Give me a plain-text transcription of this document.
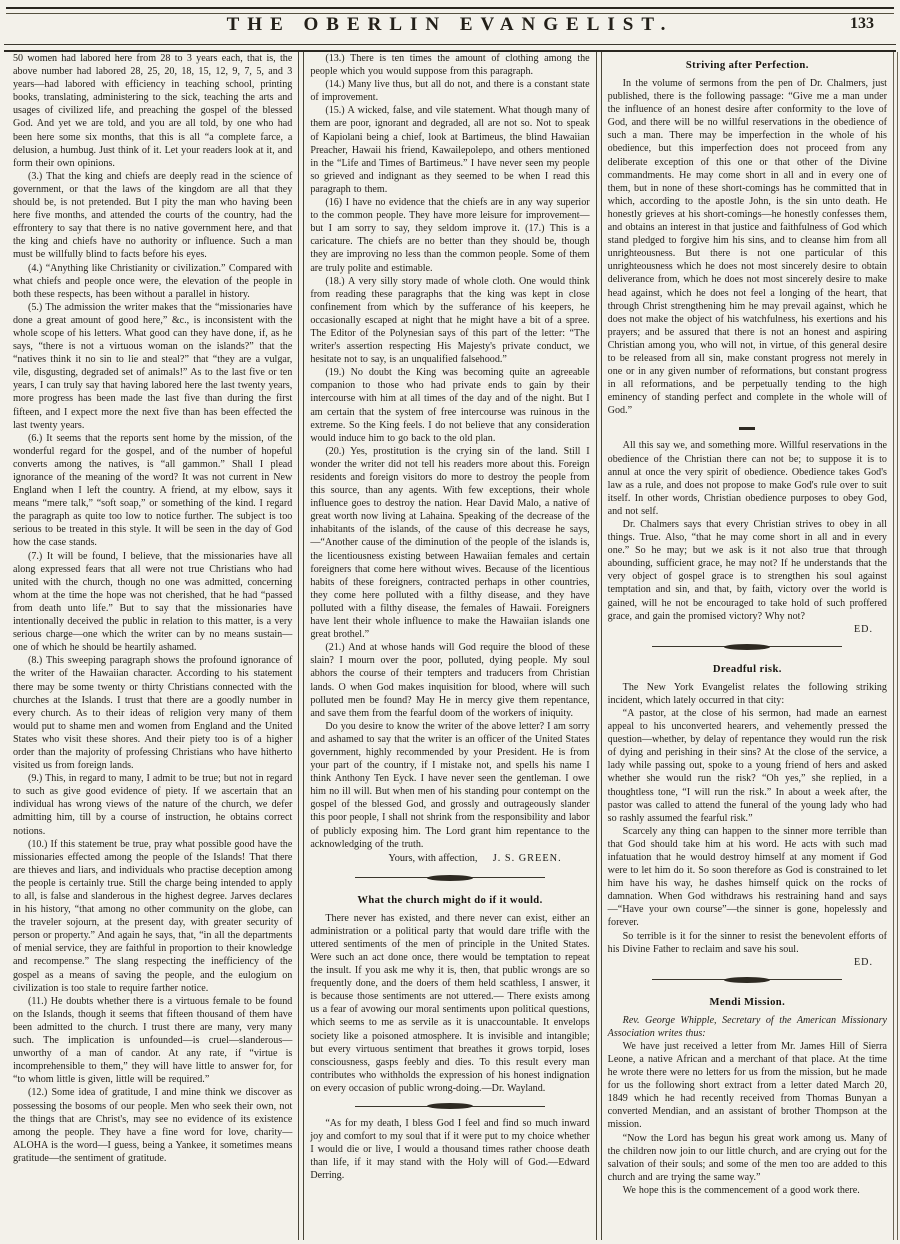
THE OBERLIN EVANGELIST.	133

50 women had labored here from 28 to 3 years each, that is, the above number had labored 28, 25, 20, 18, 15, 12, 9, 7, 5, and 3 years—had labored with efficiency in teaching school, printing books, translating, administering to the sick, teaching the arts and usages of civilized life, and preaching the gospel of the blessed God. And yet we are told, and you are all told, by one who had been here some six months, that this is all “a complete farce, a delusion, a humbug. Just think of it. Let your readers look at it, and form their own opinions.

(3.) That the king and chiefs are deeply read in the science of government, or that the laws of the kingdom are all that they should be, is not pretended. But I pity the man who having been here five months, and attended the courts of the country, had the effrontery to say that there is no native government here, and that the king and chiefs have no authority or influence. Such a man must be willfully blind to facts before his eyes.

(4.) “Anything like Christianity or civilization.” Compared with what chiefs and people once were, the elevation of the people in both these respects, has been without a parallel in history.

(5.) The admission the writer makes that the “missionaries have done a great amount of good here,” &c., is inconsistent with the whole scope of his letters. What good can they have done, if, as he says, “there is not a virtuous woman on the islands?” that the “natives think it no sin to lie and steal?” that “they are a vulgar, vile, disgusting, degraded set of animals!” As to the last five or ten years, I can truly say that having labored here the last twenty years, more progress has been made the last five than during the first fifteen, and I expect more the next five than has been effected the last twenty years.

(6.) It seems that the reports sent home by the mission, of the wonderful regard for the gospel, and of the number of hopeful converts among the natives, is “all gammon.” Shall I plead ignorance of the meaning of the word? It was not current in New England when I left the country. A friend, at my elbow, says it means “mere talk,” “soft soap,” or something of the kind. I regard the paragraph as quite too low to notice further. The subject is too serious to be treated in this style. It will be seen in the day of God how the case stands.

(7.) It will be found, I believe, that the missionaries have all along expressed fears that all were not true Christians who had united with the church, though no one was admitted, concerning whom at the time the hope was not cherished, that he had “passed from death unto life.” But to say that the missionaries have intentionally deceived the public in relation to this matter, is a very serious charge—one which the writer can by no means sustain—one of which he should be heartily ashamed.

(8.) This sweeping paragraph shows the profound ignorance of the writer of the Hawaiian character. According to his statement there may be some twenty or thirty Christians connected with the churches at the Islands. I trust that there are a goodly number in every church. As to their ideas of religion very many of them would put to shame men and women from England and the United States who visit these shores. And their piety too is of a higher order than the majority of professing Christians who have hitherto visited us from foreign lands.

(9.) This, in regard to many, I admit to be true; but not in regard to such as give good evidence of piety. If we ascertain that an individual has wrong views of the nature of the church, we defer admitting him, till by a course of instruction, he obtains correct notions.

(10.) If this statement be true, pray what possible good have the missionaries effected among the people of the Islands! That there are thieves and liars, and individuals who practise deception among the people is certainly true. Still the charge being intended to apply to all, is false and slanderous in the highest degree. Jarves declares in his history, “that among no other community on the globe, can the traveler sojourn, at the present day, with greater security of person or property.” And again he says, that, “in all the departments of menial service, they are faithful in proportion to their knowledge and recompense.” The slang respecting the inefficiency of the gospel as a means of saving the people, and the eulogium on civilization is too stale to require farther notice.

(11.) He doubts whether there is a virtuous female to be found on the Islands, though it seems that fifteen thousand of them have been admitted to the church. I trust there are many, very many such. The implication is unfounded—is cruel—slanderous—unworthy of a man of candor. At any rate, if “virtue is incomprehensible to them,” they will have little to answer for, for “to whom little is given, little will be required.”

(12.) Some idea of gratitude, I and mine think we discover as possessing the bosoms of our people. Men who seek their own, not the things that are Christ's, may see no evidence of its existence among the people. They have a fine word for love, charity—ALOHA is the word—I guess, being a Yankee, it sometimes means gratitude—the sentiment of gratitude.

(13.) There is ten times the amount of clothing among the people which you would suppose from this paragraph.

(14.) Many live thus, but all do not, and there is a constant state of improvement.

(15.) A wicked, false, and vile statement. What though many of them are poor, ignorant and degraded, all are not so. Not to speak of Kapiolani being a chief, look at Bartimeus, the blind Hawaiian Preacher, Hawaii his friend, Kawailepolepo, and others mentioned in the “Life and Times of Bartimeus.” I have never seen my people so grieved and indignant as they seemed to be when I read this paragraph to them.

(16) I have no evidence that the chiefs are in any way superior to the common people. They have more leisure for improvement—but I am sorry to say, they seldom improve it. (17.) This is a caricature. The chiefs are no better than they should be, though they are improving no less than the common people. Some of them are truly polite and estimable.

(18.) A very silly story made of whole cloth. One would think from reading these paragraphs that the king was kept in close confinement from which by the sufferance of his keepers, he occasionally escaped at night that he might have a bit of a spree. The Editor of the Polynesian says of this part of the letter: “The writer's assertion respecting His Majesty's private conduct, we hesitate not to say, is an unqualified falsehood.”

(19.) No doubt the King was becoming quite an agreeable companion to those who had private ends to gain by their intercourse with him at all times of the day and of the night. But I am certain that the system of free intercourse was ruinous in the extreme. So the King feels. I do not believe that any consideration would induce him to go back to the old plan.

(20.) Yes, prostitution is the crying sin of the land. Still I wonder the writer did not tell his readers more about this. Foreign residents and foreign visitors do more to destroy the people from this source, than any agents. With few exceptions, their whole influence goes to destroy the nation. Hear David Malo, a native of great worth now living at Lahaina. Speaking of the decrease of the inhabitants of the islands, of the cause of this decrease he says,—“Another cause of the diminution of the people of the islands is, the licentiousness existing between Hawaiian females and certain foreigners that come here without wives. Because of the licentious habits of these foreigners, contracted perhaps in other countries, they come here polluted with a filthy disease, and they have polluted with a filthy disease, the females of Hawaii. Foreigners have lent their whole influence to make the Hawaiian islands one great brothel.”

(21.) And at whose hands will God require the blood of these slain? I mourn over the poor, polluted, dying people. My soul abhors the course of their tempters and traducers from Christian lands. O when God makes inquisition for blood, where will such polluted men be found? May He in mercy give them repentance, and save them from the fearful doom of the workers of iniquity.

Do you desire to know the writer of the above letter? I am sorry and ashamed to say that the writer is an officer of the United States government, highly recommended by your President. He is from your part of the country, if I mistake not, and spells his name I think Anthony Ten Eyck. I have never seen the gentleman. I owe him no ill will. But when men of his standing pour contempt on the gospel of the blessed God, and grossly and outrageously slander this poor people, I shall not shrink from the responsibility and labor of publicly exposing him. The Lord grant him repentance to the acknowledging of the truth.

Yours, with affection, J. S. GREEN.
What the church might do if it would.

There never has existed, and there never can exist, either an administration or a political party that would dare trifle with the uttered sentiments of the men of principle in the United States. Were such an act done once, there would be temptation to repeat the insult. If you ask me why it is, then, that public wrongs are so frequently done, and the doers of them held scathless, I answer, it is because those sentiments are not uttered.— There exists among us a fear of avowing our moral sentiments upon political questions, which seems to me as servile as it is unaccountable. It envelops society like a poisoned atmosphere. It is invisible and intangible; but every virtuous sentiment that breathes it grows torpid, loses consciousness, gasps feebly and dies. To this result every man contributes who withholds the expression of his honest indignation on every occasion of public wrong-doing.—Dr. Wayland.

“As for my death, I bless God I feel and find so much inward joy and comfort to my soul that if it were put to my choice whether I would die or live, I would a thousand times rather choose death than life, if it may stand with the Holy will of God.—Edward Derring.

Striving after Perfection.

In the volume of sermons from the pen of Dr. Chalmers, just published, there is the following passage: “Give me a man under the influence of an honest desire after conformity to the love of God, and there will be no willful reservations in the obedience of such a man. There may be imperfection in the whole of his obedience, but this imperfection does not proceed from any deliberate exception of this one or that other of the Divine commandments. He may come short in all and in every one of them, but in none of these short-comings has he committed that in which, according to the apostle John, is the sin unto death. He honestly grieves at his short-comings—he honestly confesses them, and obtains an interest in that justice and faithfulness of God which stand pledged to forgive him his sins, and to cleanse him from all unrighteousness. But there is not one particular of this unrighteousness which he does not most sincerely desire to obtain deliverance from, which he does not most sincerely desire to make head against, which he does not feel a longing of the heart, that through Christ strengthening him he may prevail against, which he does not make the object of his watchfulness, his exertions and his prayers; and be assured that there is not an honest and aspiring Christian among you, who will not, in virtue, of this general desire to be released from all sin, make constant progress not merely in one or in any given number of reformations, but constant progress in all reformations, and be perpetually tending to the high eminency of standing perfect and complete in the whole will of God.”

All this say we, and something more. Willful reservations in the obedience of the Christian there can not be; to suppose it is to annul at once the very spirit of obedience. Obedience takes God's law as a rule, and does not propose to make God's rule over to suit itself. In other words, Christian obedience purposes to obey God, and not self.

Dr. Chalmers says that every Christian strives to obey in all things. True. Also, “that he may come short in all and in every one.” So he may; but we ask is it not also true that through abounding, sufficient grace, he may not? If he understands that the very object of gospel grace is to strengthen his soul against temptation and sin, and that, by faith, victory over the world is gained, will he not be encouraged to take hold of such proffered grace, and gain the promised victory? Why not?

ED.
Dreadful risk.

The New York Evangelist relates the following striking incident, which lately occurred in that city:

“A pastor, at the close of his sermon, had made an earnest appeal to his unconverted hearers, and vehemently pressed the question—whether, by delay of repentance they would run the risk of dying and perishing in their sins? At the close of the service, a lady while passing out, spoke to a young friend of hers and asked whether she would run the risk? “Oh yes,” she replied, in a thoughtless tone, “I will run the risk.” In about a week after, the pastor was called to attend the funeral of the young lady who had so rashly assumed the fearful risk.”

Scarcely any thing can happen to the sinner more terrible than that God should take him at his word. He acts with such mad infatuation that he would destroy himself at any moment if God were to let him do it. So soon therefore as God is constrained to let him have his way, he dashes himself quick on the rocks of damnation. When God withdraws his restraining hand and says—“Have your own course”—the sinner is gone, hopelessly and forever.

So terrible is it for the sinner to resist the benevolent efforts of his Divine Father to reclaim and save his soul.

ED.
Mendi Mission.

Rev. George Whipple, Secretary of the American Missionary Association writes thus:

We have just received a letter from Mr. James Hill of Sierra Leone, a native African and a merchant of that place. At the time he wrote there were no letters for us from the mission, but he made for us the following short extract from a letter dated March 20, 1849 which he had recently received from Thomas Bunyan a converted Mendian, and an assistant of brother Thompson at the mission.

“Now the Lord has begun his great work among us. Many of the children now join to our little church, and are crying out for the salvation of their souls; and some of the men too are added to this church and are trying the same way.”

We hope this is the commencement of a good work there.
